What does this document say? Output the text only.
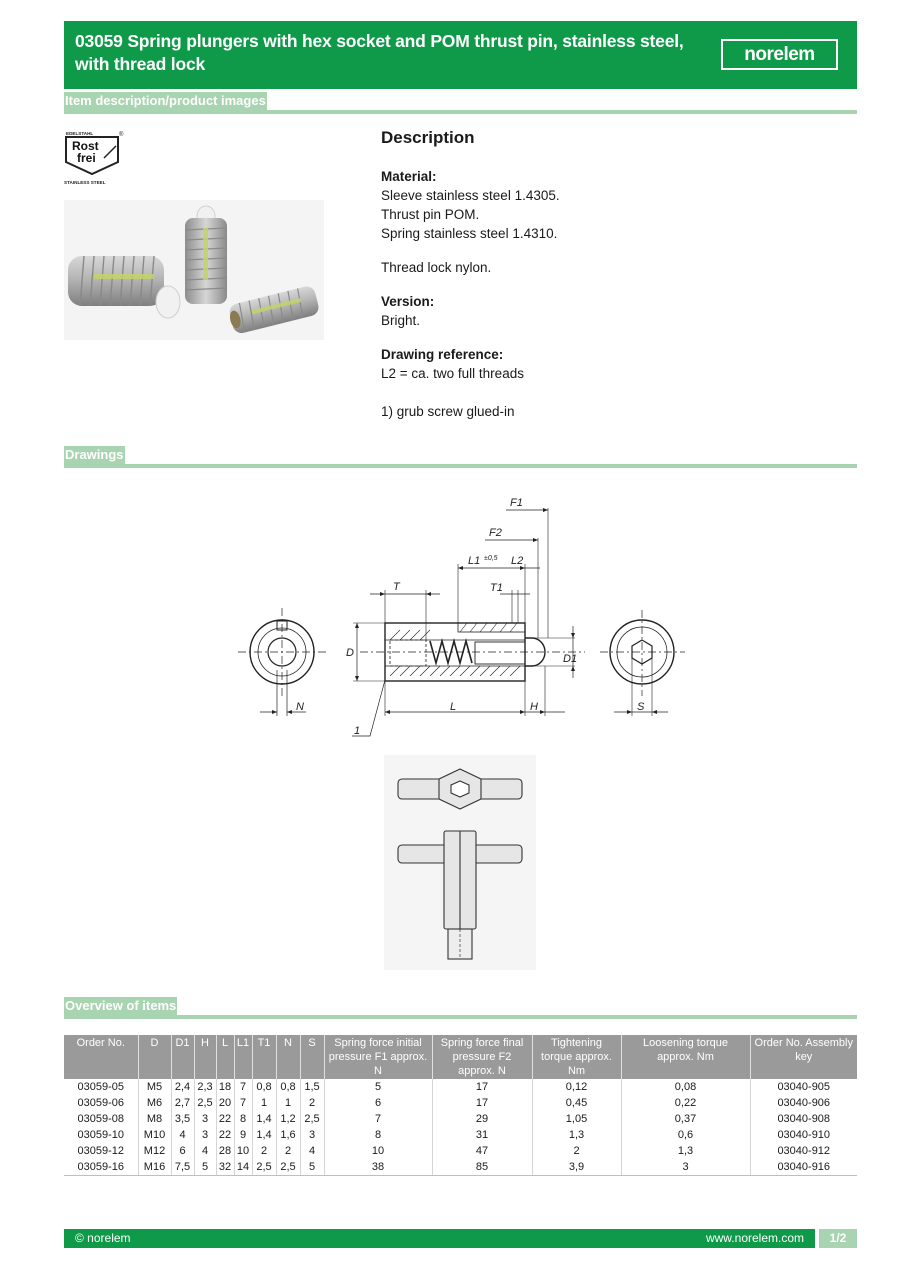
03059 Spring plungers with hex socket and POM thrust pin, stainless steel, with thread lock	norelem
Item description/product images
EDELSTAHL	®
Rost
frei
STAINLESS STEEL
Description
Material:
Sleeve stainless steel 1.4305.
Thrust pin POM.
Spring stainless steel 1.4310.
Thread lock nylon.
Version:
Bright.
Drawing reference:
L2 = ca. two full threads
1) grub screw glued-in
Drawings
N
D	D1
T	T1
L1 ±0,5 L2
F2
F1
L	H
1
S
Overview of items
Order No.	D	D1	H	L	L1	T1	N	S	Spring force initial pressure F1 approx. N	Spring force final pressure F2 approx. N	Tightening torque approx. Nm	Loosening torque approx. Nm	Order No. Assembly key
03059-05	M5	2,4	2,3	18	7	0,8	0,8	1,5	5	17	0,12	0,08	03040-905
03059-06	M6	2,7	2,5	20	7	1	1	2	6	17	0,45	0,22	03040-906
03059-08	M8	3,5	3	22	8	1,4	1,2	2,5	7	29	1,05	0,37	03040-908
03059-10	M10	4	3	22	9	1,4	1,6	3	8	31	1,3	0,6	03040-910
03059-12	M12	6	4	28	10	2	2	4	10	47	2	1,3	03040-912
03059-16	M16	7,5	5	32	14	2,5	2,5	5	38	85	3,9	3	03040-916
© norelem	www.norelem.com	1/2
